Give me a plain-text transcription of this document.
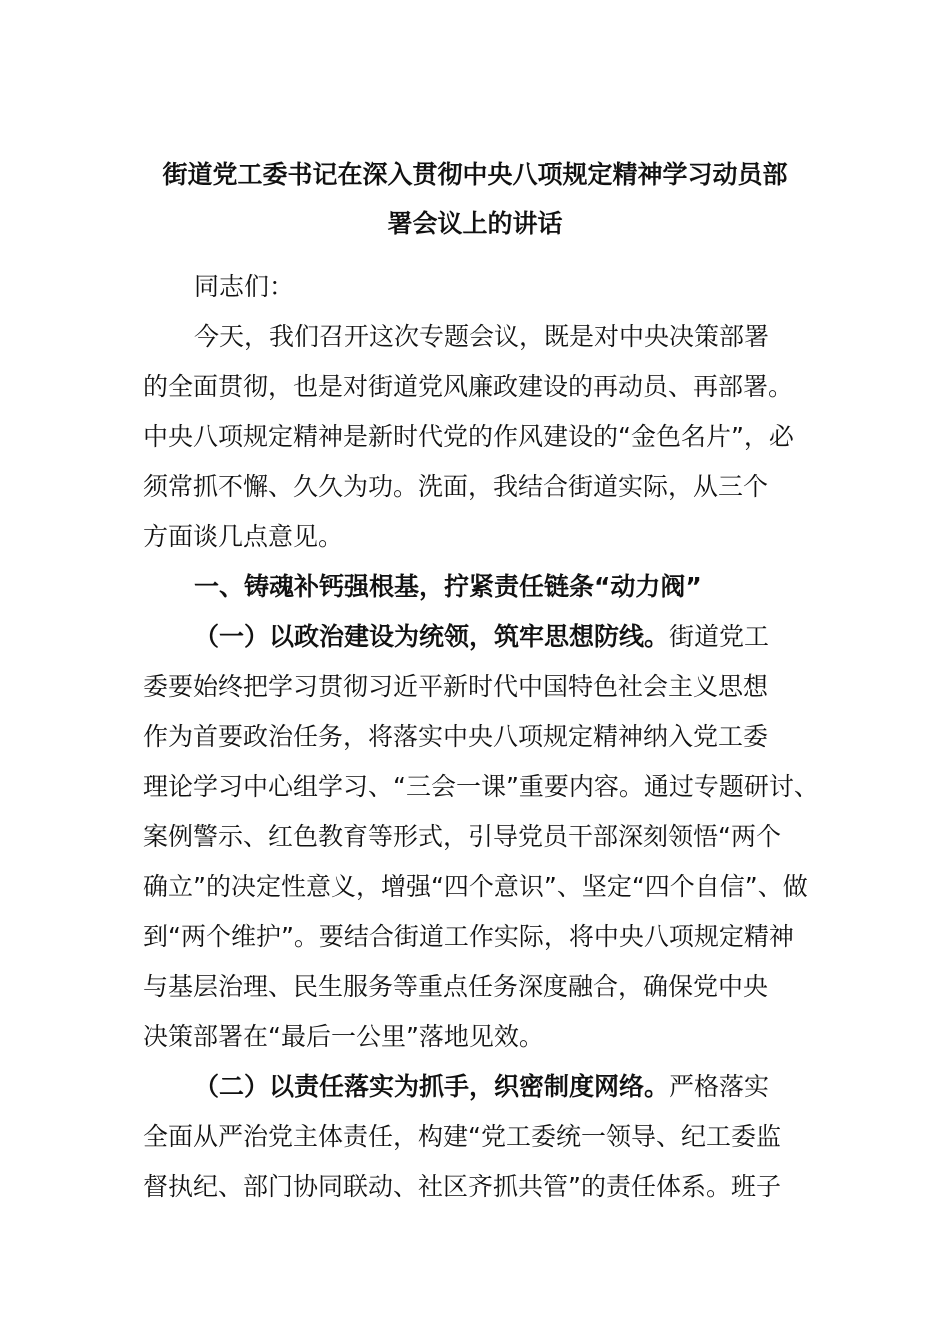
街道党工委书记在深入贯彻中央八项规定精神学习动员部
署会议上的讲话
同志们：
今天，我们召开这次专题会议，既是对中央决策部署
的全面贯彻，也是对街道党风廉政建设的再动员、再部署。
中央八项规定精神是新时代党的作风建设的“金色名片”，必
须常抓不懈、久久为功。洗面，我结合街道实际，从三个
方面谈几点意见。
一、铸魂补钙强根基，拧紧责任链条“动力阀”
（一）以政治建设为统领，筑牢思想防线。街道党工
委要始终把学习贯彻习近平新时代中国特色社会主义思想
作为首要政治任务，将落实中央八项规定精神纳入党工委
理论学习中心组学习、“三会一课”重要内容。通过专题研讨、
案例警示、红色教育等形式，引导党员干部深刻领悟“两个
确立”的决定性意义，增强“四个意识”、坚定“四个自信”、做
到“两个维护”。要结合街道工作实际，将中央八项规定精神
与基层治理、民生服务等重点任务深度融合，确保党中央
决策部署在“最后一公里”落地见效。
（二）以责任落实为抓手，织密制度网络。严格落实
全面从严治党主体责任，构建“党工委统一领导、纪工委监
督执纪、部门协同联动、社区齐抓共管”的责任体系。班子
